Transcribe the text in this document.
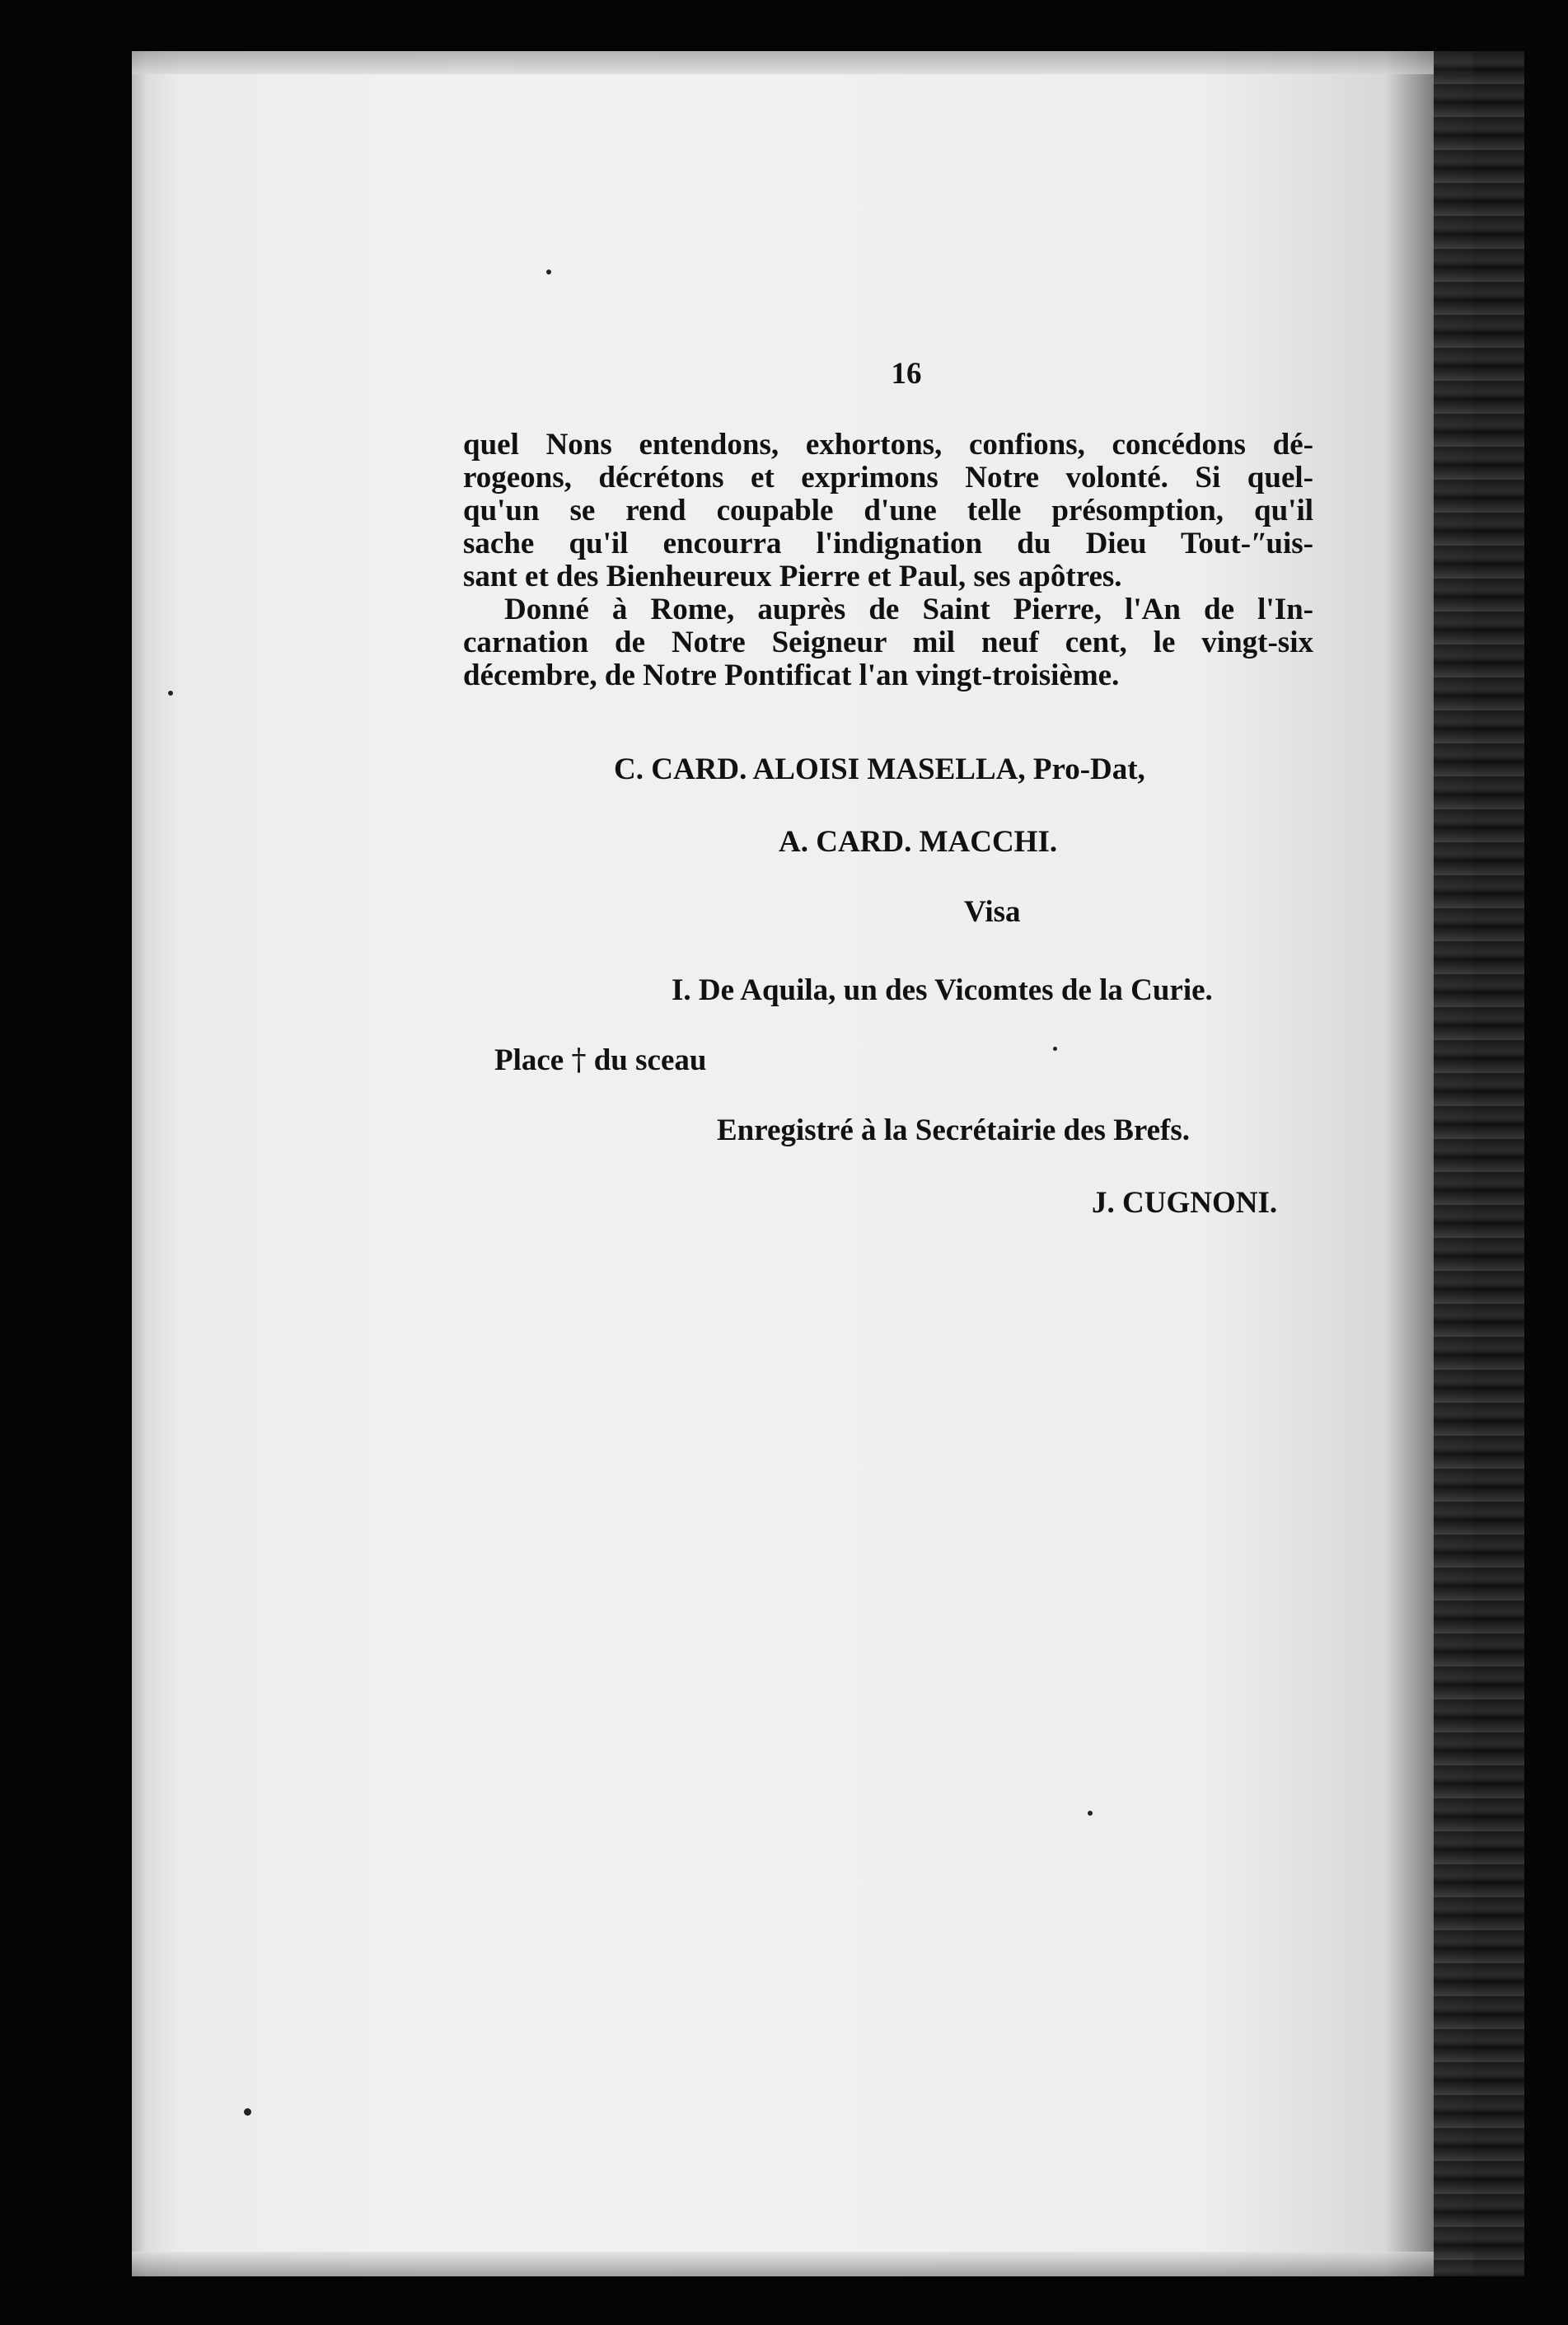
16

quel Nons entendons, exhortons, confions, concédons dé-
rogeons, décrétons et exprimons Notre volonté. Si quel-
qu'un se rend coupable d'une telle présomption, qu'il
sache qu'il encourra l'indignation du Dieu Tout-ʺuis-
sant et des Bienheureux Pierre et Paul, ses apôtres.

Donné à Rome, auprès de Saint Pierre, l'An de l'In-
carnation de Notre Seigneur mil neuf cent, le vingt-six
décembre, de Notre Pontificat l'an vingt-troisième.

C. CARD. ALOISI MASELLA, Pro-Dat,
A. CARD. MACCHI.
Visa
I. De Aquila, un des Vicomtes de la Curie.
Place † du sceau
Enregistré à la Secrétairie des Brefs.
J. CUGNONI.
